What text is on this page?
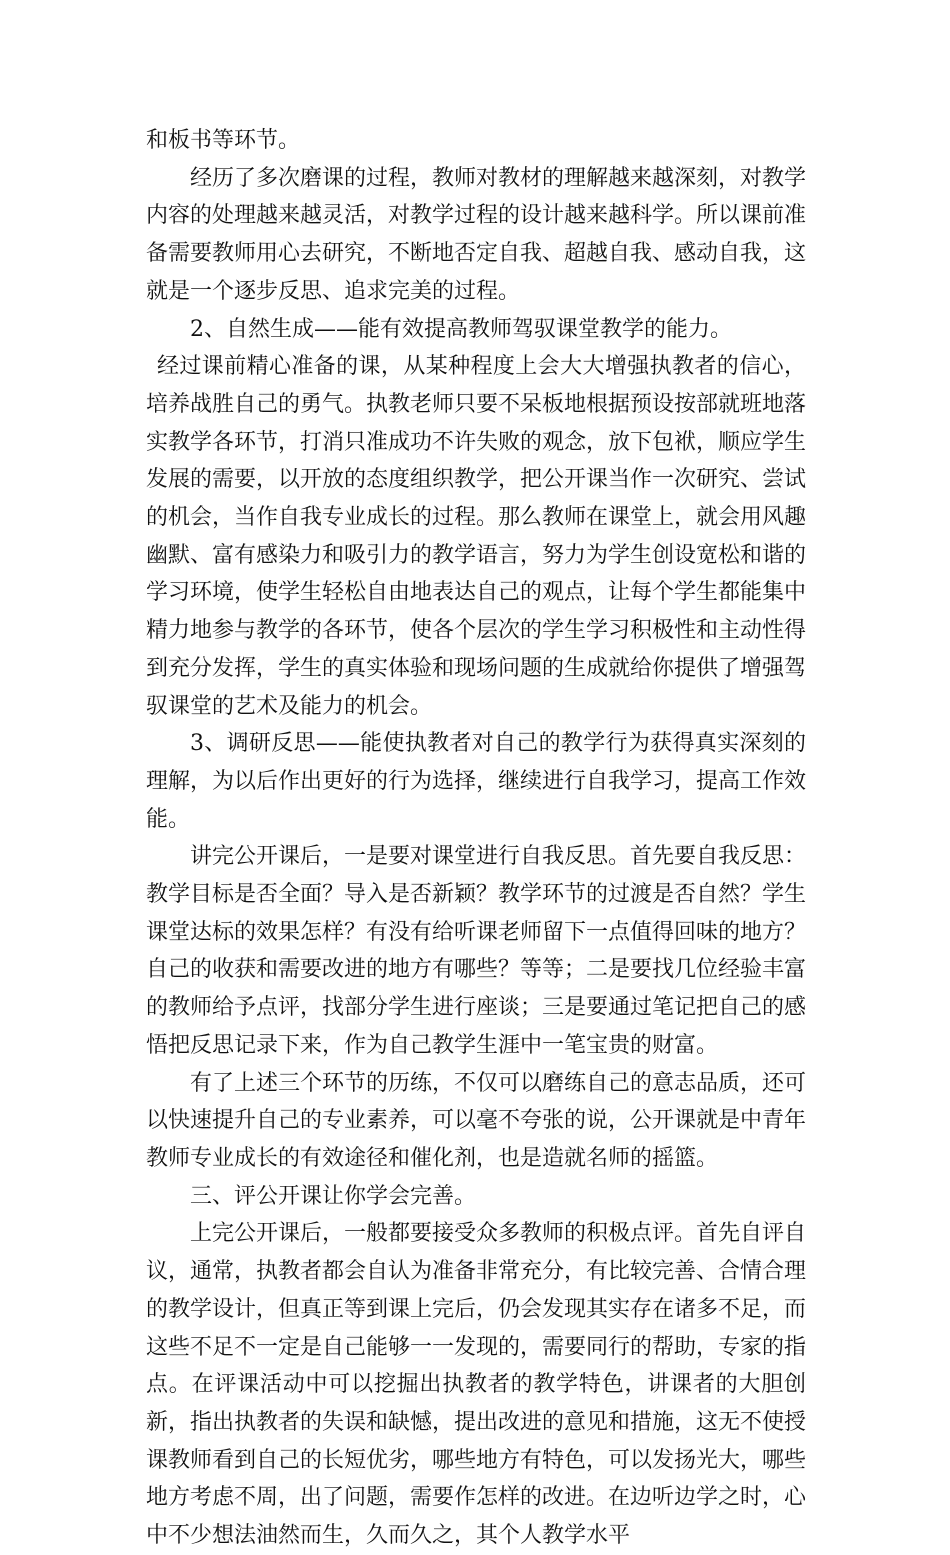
和板书等环节。

经历了多次磨课的过程，教师对教材的理解越来越深刻，对教学内容的处理越来越灵活，对教学过程的设计越来越科学。所以课前准备需要教师用心去研究，不断地否定自我、超越自我、感动自我，这就是一个逐步反思、追求完美的过程。

2、自然生成——能有效提高教师驾驭课堂教学的能力。

经过课前精心准备的课，从某种程度上会大大增强执教者的信心，培养战胜自己的勇气。执教老师只要不呆板地根据预设按部就班地落实教学各环节，打消只准成功不许失败的观念，放下包袱，顺应学生发展的需要，以开放的态度组织教学，把公开课当作一次研究、尝试的机会，当作自我专业成长的过程。那么教师在课堂上，就会用风趣幽默、富有感染力和吸引力的教学语言，努力为学生创设宽松和谐的学习环境，使学生轻松自由地表达自己的观点，让每个学生都能集中精力地参与教学的各环节，使各个层次的学生学习积极性和主动性得到充分发挥，学生的真实体验和现场问题的生成就给你提供了增强驾驭课堂的艺术及能力的机会。

3、调研反思——能使执教者对自己的教学行为获得真实深刻的理解，为以后作出更好的行为选择，继续进行自我学习，提高工作效能。

讲完公开课后，一是要对课堂进行自我反思。首先要自我反思：教学目标是否全面？导入是否新颖？教学环节的过渡是否自然？学生课堂达标的效果怎样？有没有给听课老师留下一点值得回味的地方？自己的收获和需要改进的地方有哪些？等等；二是要找几位经验丰富的教师给予点评，找部分学生进行座谈；三是要通过笔记把自己的感悟把反思记录下来，作为自己教学生涯中一笔宝贵的财富。

有了上述三个环节的历练，不仅可以磨练自己的意志品质，还可以快速提升自己的专业素养，可以毫不夸张的说，公开课就是中青年教师专业成长的有效途径和催化剂，也是造就名师的摇篮。

三、评公开课让你学会完善。

上完公开课后，一般都要接受众多教师的积极点评。首先自评自议，通常，执教者都会自认为准备非常充分，有比较完善、合情合理的教学设计，但真正等到课上完后，仍会发现其实存在诸多不足，而这些不足不一定是自己能够一一发现的，需要同行的帮助，专家的指点。在评课活动中可以挖掘出执教者的教学特色，讲课者的大胆创新，指出执教者的失误和缺憾，提出改进的意见和措施，这无不使授课教师看到自己的长短优劣，哪些地方有特色，可以发扬光大，哪些地方考虑不周，出了问题，需要作怎样的改进。在边听边学之时，心中不少想法油然而生，久而久之，其个人教学水平
